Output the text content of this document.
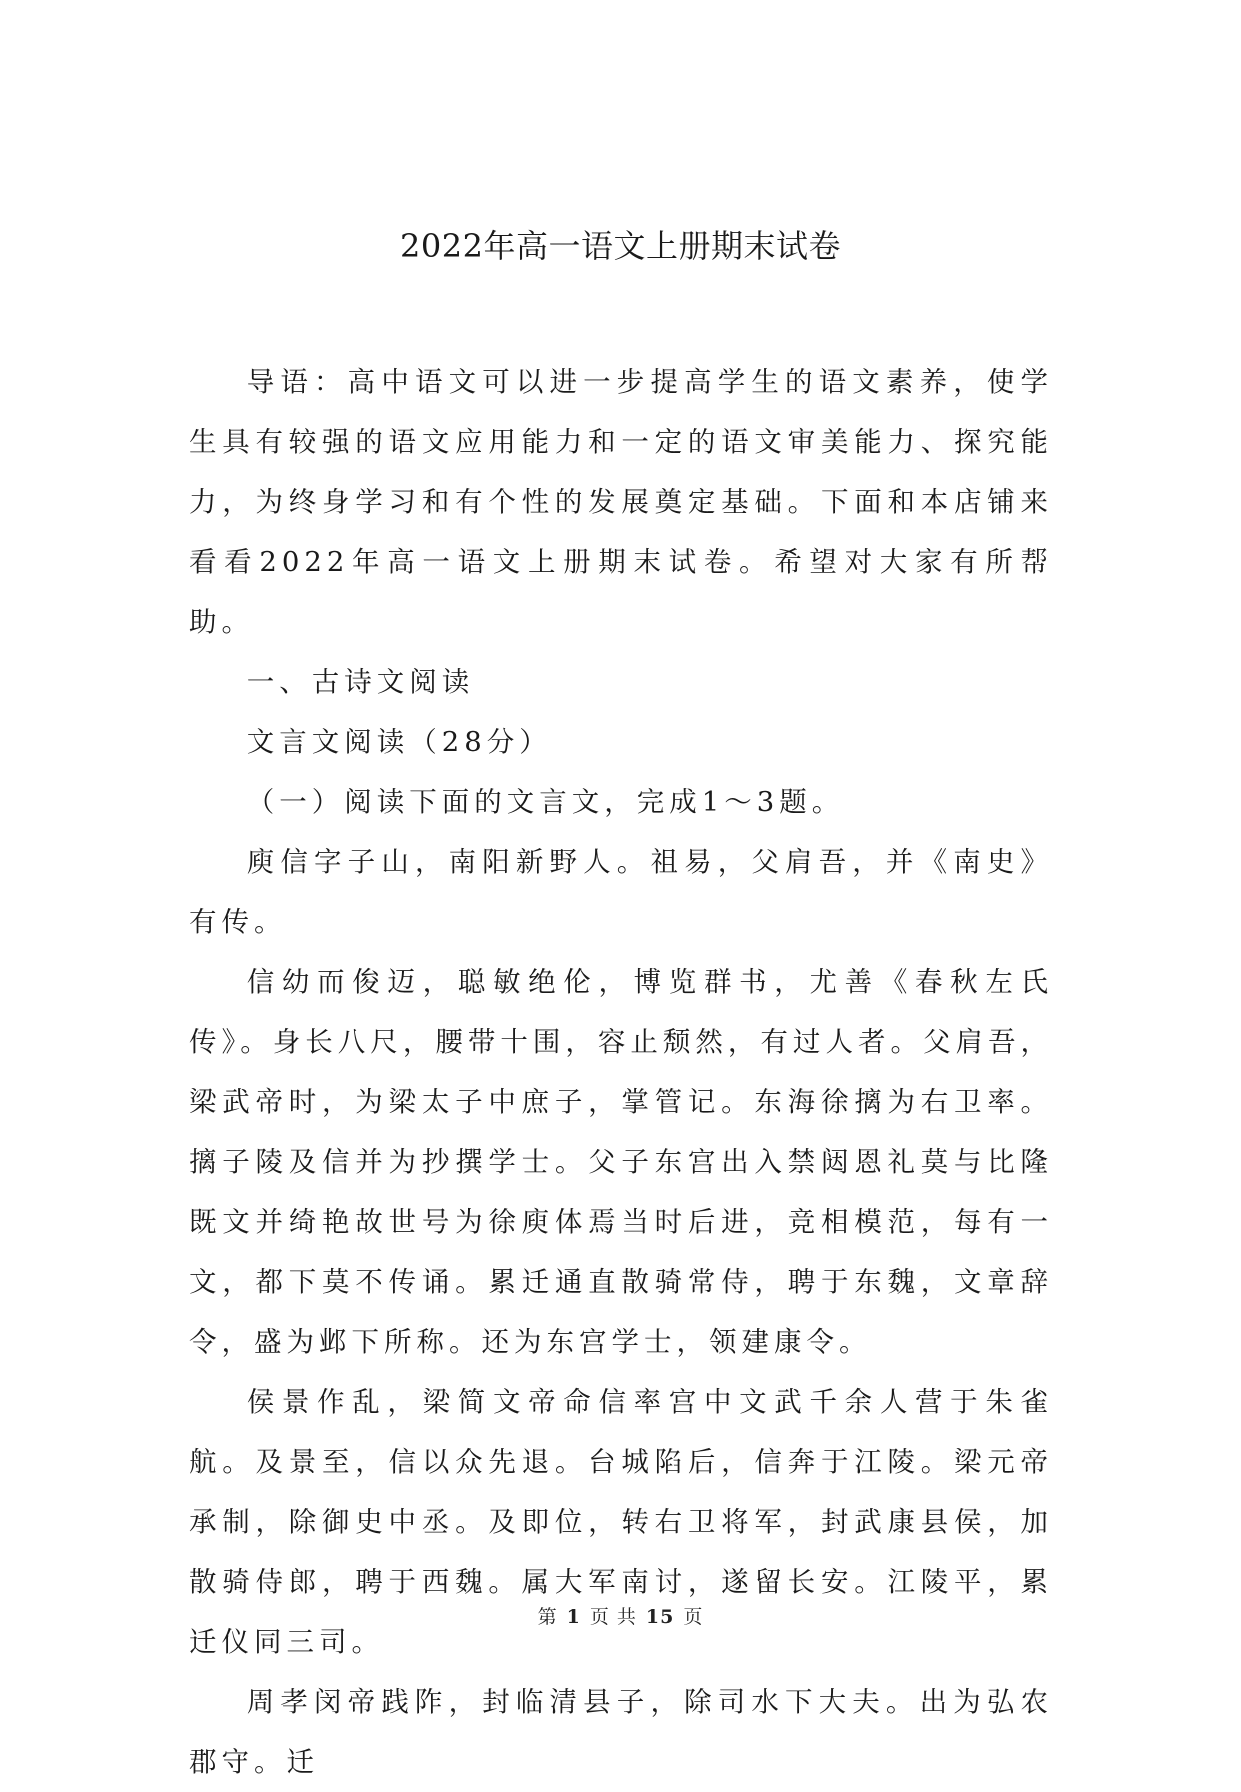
2022年高一语文上册期末试卷

导语：高中语文可以进一步提高学生的语文素养，使学生具有较强的语文应用能力和一定的语文审美能力、探究能力，为终身学习和有个性的发展奠定基础。下面和本店铺来看看2022年高一语文上册期末试卷。希望对大家有所帮助。

一、古诗文阅读

文言文阅读（28分）

（一）阅读下面的文言文，完成1～3题。

庾信字子山，南阳新野人。祖易，父肩吾，并《南史》有传。

信幼而俊迈，聪敏绝伦，博览群书，尤善《春秋左氏传》。身长八尺，腰带十围，容止颓然，有过人者。父肩吾，梁武帝时，为梁太子中庶子，掌管记。东海徐摛为右卫率。摛子陵及信并为抄撰学士。父子东宫出入禁闼恩礼莫与比隆既文并绮艳故世号为徐庾体焉当时后进，竞相模范，每有一文，都下莫不传诵。累迁通直散骑常侍，聘于东魏，文章辞令，盛为邺下所称。还为东宫学士，领建康令。

侯景作乱，梁简文帝命信率宫中文武千余人营于朱雀航。及景至，信以众先退。台城陷后，信奔于江陵。梁元帝承制，除御史中丞。及即位，转右卫将军，封武康县侯，加散骑侍郎，聘于西魏。属大军南讨，遂留长安。江陵平，累迁仪同三司。

周孝闵帝践阼，封临清县子，除司水下大夫。出为弘农郡守。迁

第 1 页 共 15 页
